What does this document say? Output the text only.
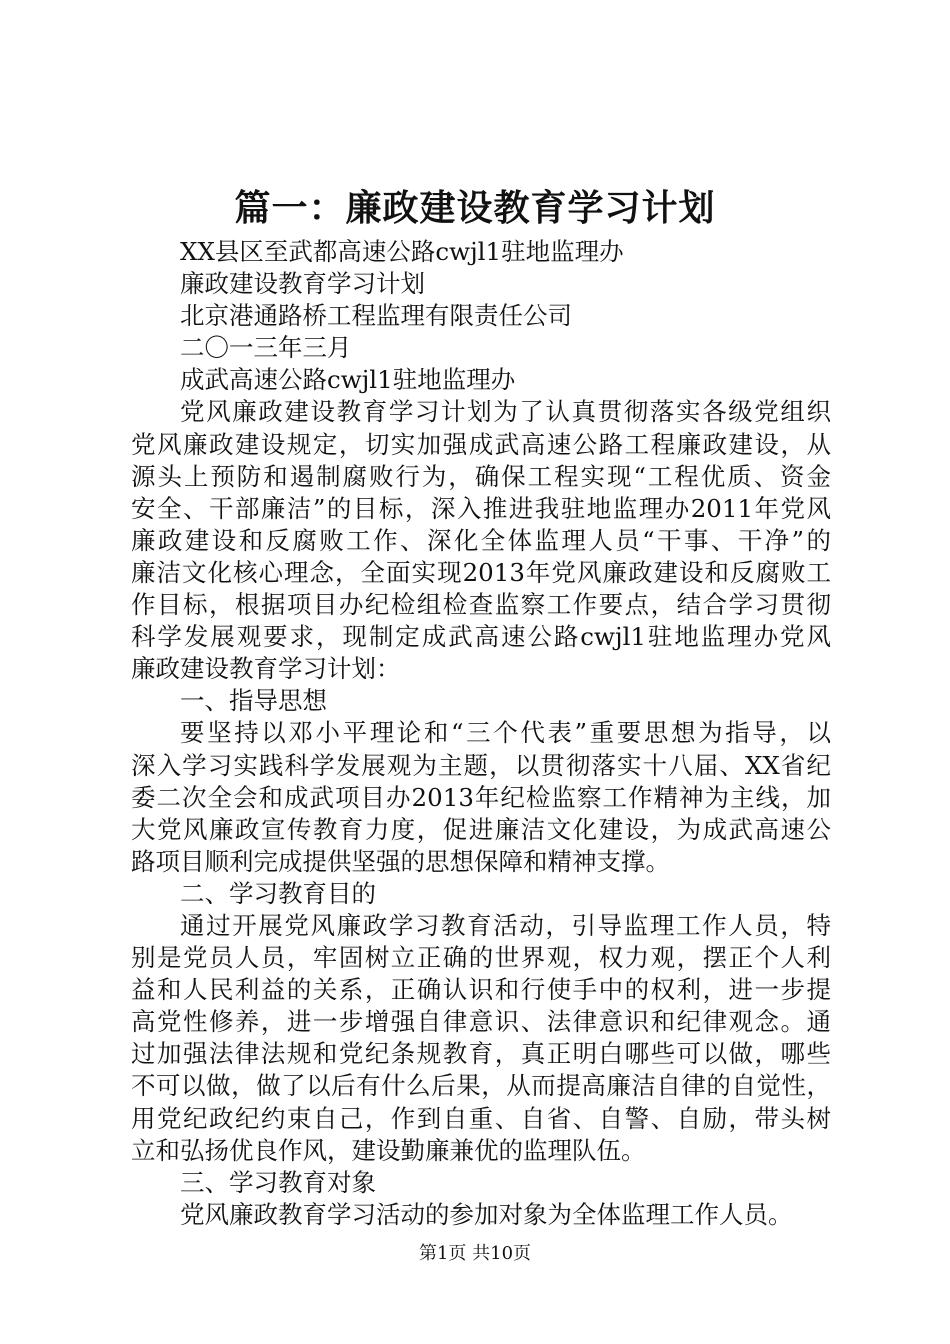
篇一：廉政建设教育学习计划

XX县区至武都高速公路cwjl1驻地监理办

廉政建设教育学习计划

北京港通路桥工程监理有限责任公司

二〇一三年三月

成武高速公路cwjl1驻地监理办

党风廉政建设教育学习计划为了认真贯彻落实各级党组织

党风廉政建设规定，切实加强成武高速公路工程廉政建设，从

源头上预防和遏制腐败行为，确保工程实现“工程优质、资金

安全、干部廉洁”的目标，深入推进我驻地监理办2011年党风

廉政建设和反腐败工作、深化全体监理人员“干事、干净”的

廉洁文化核心理念，全面实现2013年党风廉政建设和反腐败工

作目标，根据项目办纪检组检查监察工作要点，结合学习贯彻

科学发展观要求，现制定成武高速公路cwjl1驻地监理办党风

廉政建设教育学习计划：

一、指导思想

要坚持以邓小平理论和“三个代表”重要思想为指导，以

深入学习实践科学发展观为主题，以贯彻落实十八届、XX省纪

委二次全会和成武项目办2013年纪检监察工作精神为主线，加

大党风廉政宣传教育力度，促进廉洁文化建设，为成武高速公

路项目顺利完成提供坚强的思想保障和精神支撑。

二、学习教育目的

通过开展党风廉政学习教育活动，引导监理工作人员，特

别是党员人员，牢固树立正确的世界观，权力观，摆正个人利

益和人民利益的关系，正确认识和行使手中的权利，进一步提

高党性修养，进一步增强自律意识、法律意识和纪律观念。通

过加强法律法规和党纪条规教育，真正明白哪些可以做，哪些

不可以做，做了以后有什么后果，从而提高廉洁自律的自觉性，

用党纪政纪约束自己，作到自重、自省、自警、自励，带头树

立和弘扬优良作风，建设勤廉兼优的监理队伍。

三、学习教育对象

党风廉政教育学习活动的参加对象为全体监理工作人员。

第1页 共10页
